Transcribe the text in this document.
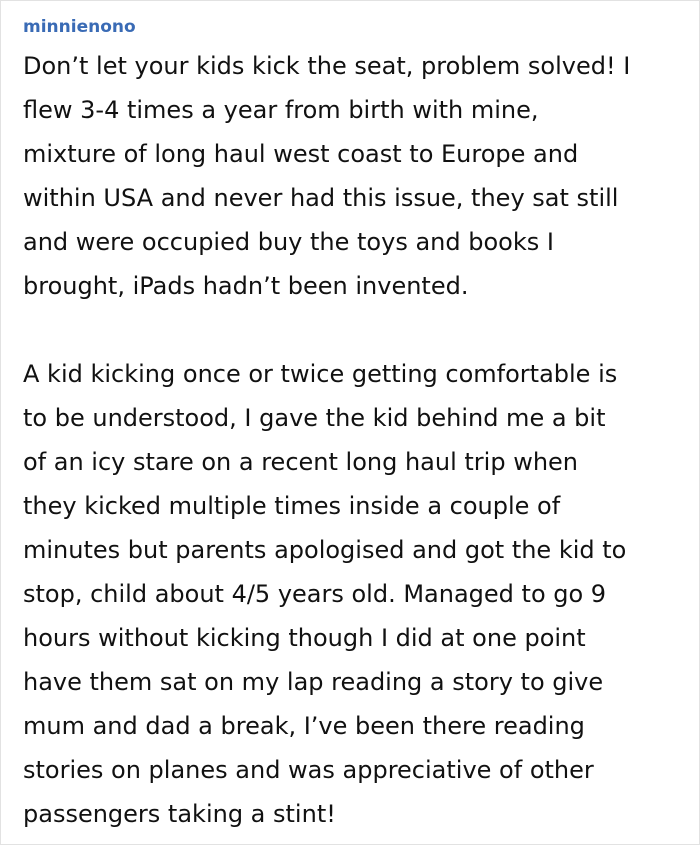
minnienono
Don’t let your kids kick the seat, problem solved! I
flew 3-4 times a year from birth with mine,
mixture of long haul west coast to Europe and
within USA and never had this issue, they sat still
and were occupied buy the toys and books I
brought, iPads hadn’t been invented.
A kid kicking once or twice getting comfortable is
to be understood, I gave the kid behind me a bit
of an icy stare on a recent long haul trip when
they kicked multiple times inside a couple of
minutes but parents apologised and got the kid to
stop, child about 4/5 years old. Managed to go 9
hours without kicking though I did at one point
have them sat on my lap reading a story to give
mum and dad a break, I’ve been there reading
stories on planes and was appreciative of other
passengers taking a stint!
